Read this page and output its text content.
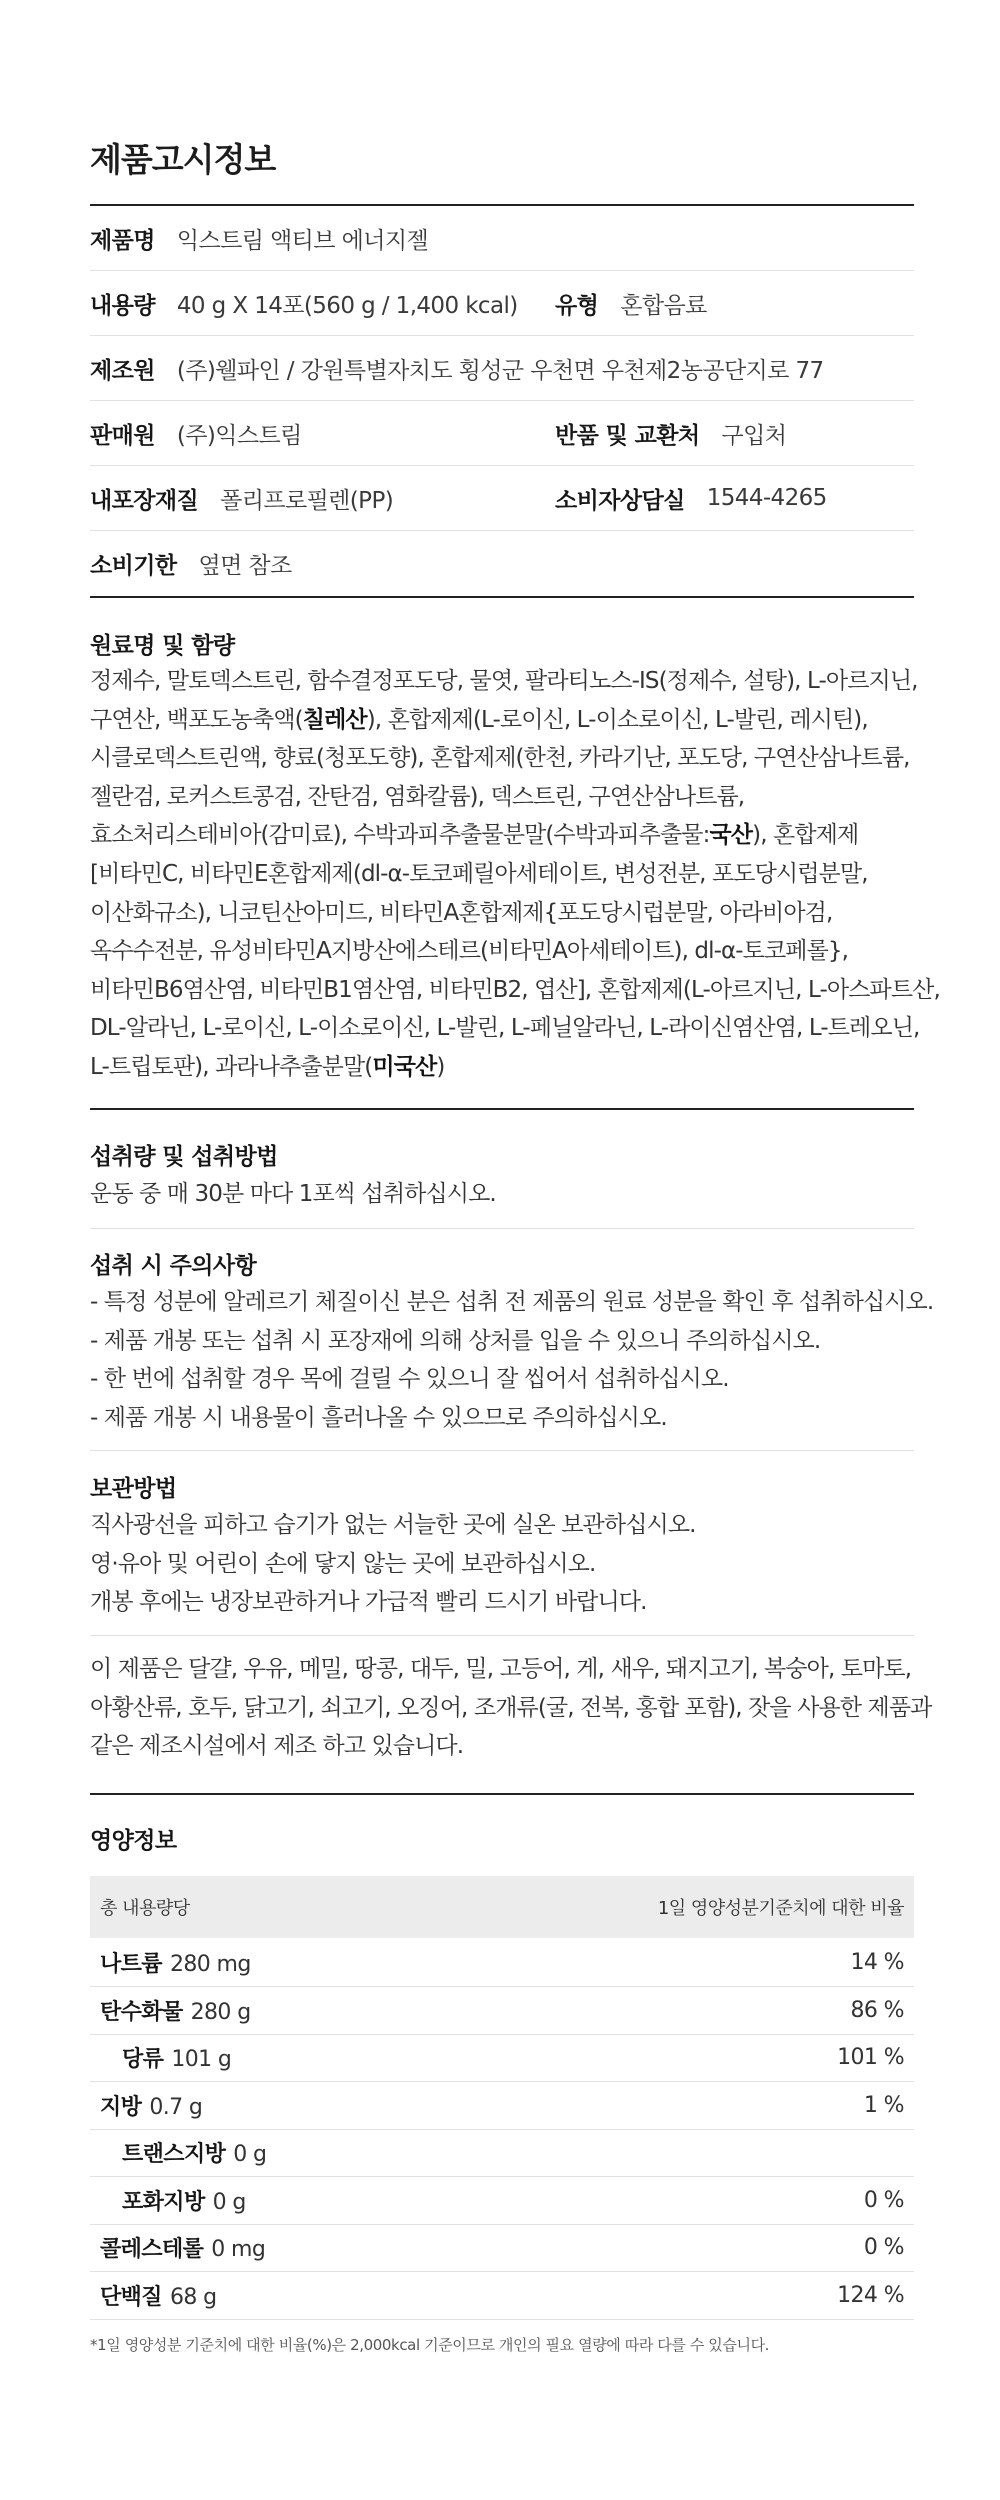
제품고시정보
제품명 익스트림 액티브 에너지젤
내용량 40 g X 14포(560 g / 1,400 kcal) 유형 혼합음료
제조원 (주)웰파인 / 강원특별자치도 횡성군 우천면 우천제2농공단지로 77
판매원 (주)익스트림	반품 및 교환처 구입처
내포장재질 폴리프로필렌(PP)	소비자상담실 1544-4265
소비기한 옆면 참조
원료명 및 함량
정제수, 말토덱스트린, 함수결정포도당, 물엿, 팔라티노스-IS(정제수, 설탕), L-아르지닌,
구연산, 백포도농축액(칠레산), 혼합제제(L-로이신, L-이소로이신, L-발린, 레시틴),
시클로덱스트린액, 향료(청포도향), 혼합제제(한천, 카라기난, 포도당, 구연산삼나트륨,
젤란검, 로커스트콩검, 잔탄검, 염화칼륨), 덱스트린, 구연산삼나트륨,
효소처리스테비아(감미료), 수박과피추출물분말(수박과피추출물:국산), 혼합제제
[비타민C, 비타민E혼합제제(dl-α-토코페릴아세테이트, 변성전분, 포도당시럽분말,
이산화규소), 니코틴산아미드, 비타민A혼합제제{포도당시럽분말, 아라비아검,
옥수수전분, 유성비타민A지방산에스테르(비타민A아세테이트), dl-α-토코페롤},
비타민B6염산염, 비타민B1염산염, 비타민B2, 엽산], 혼합제제(L-아르지닌, L-아스파트산,
DL-알라닌, L-로이신, L-이소로이신, L-발린, L-페닐알라닌, L-라이신염산염, L-트레오닌,
L-트립토판), 과라나추출분말(미국산)
섭취량 및 섭취방법
운동 중 매 30분 마다 1포씩 섭취하십시오.
섭취 시 주의사항
- 특정 성분에 알레르기 체질이신 분은 섭취 전 제품의 원료 성분을 확인 후 섭취하십시오.
- 제품 개봉 또는 섭취 시 포장재에 의해 상처를 입을 수 있으니 주의하십시오.
- 한 번에 섭취할 경우 목에 걸릴 수 있으니 잘 씹어서 섭취하십시오.
- 제품 개봉 시 내용물이 흘러나올 수 있으므로 주의하십시오.
보관방법
직사광선을 피하고 습기가 없는 서늘한 곳에 실온 보관하십시오.
영·유아 및 어린이 손에 닿지 않는 곳에 보관하십시오.
개봉 후에는 냉장보관하거나 가급적 빨리 드시기 바랍니다.
이 제품은 달걀, 우유, 메밀, 땅콩, 대두, 밀, 고등어, 게, 새우, 돼지고기, 복숭아, 토마토,
아황산류, 호두, 닭고기, 쇠고기, 오징어, 조개류(굴, 전복, 홍합 포함), 잣을 사용한 제품과
같은 제조시설에서 제조 하고 있습니다.
영양정보
총 내용량당	1일 영양성분기준치에 대한 비율
나트륨 280 mg	14 %
탄수화물 280 g	86 %
당류 101 g	101 %
지방 0.7 g	1 %
트랜스지방 0 g
포화지방 0 g	0 %
콜레스테롤 0 mg	0 %
단백질 68 g	124 %
*1일 영양성분 기준치에 대한 비율(%)은 2,000kcal 기준이므로 개인의 필요 열량에 따라 다를 수 있습니다.
